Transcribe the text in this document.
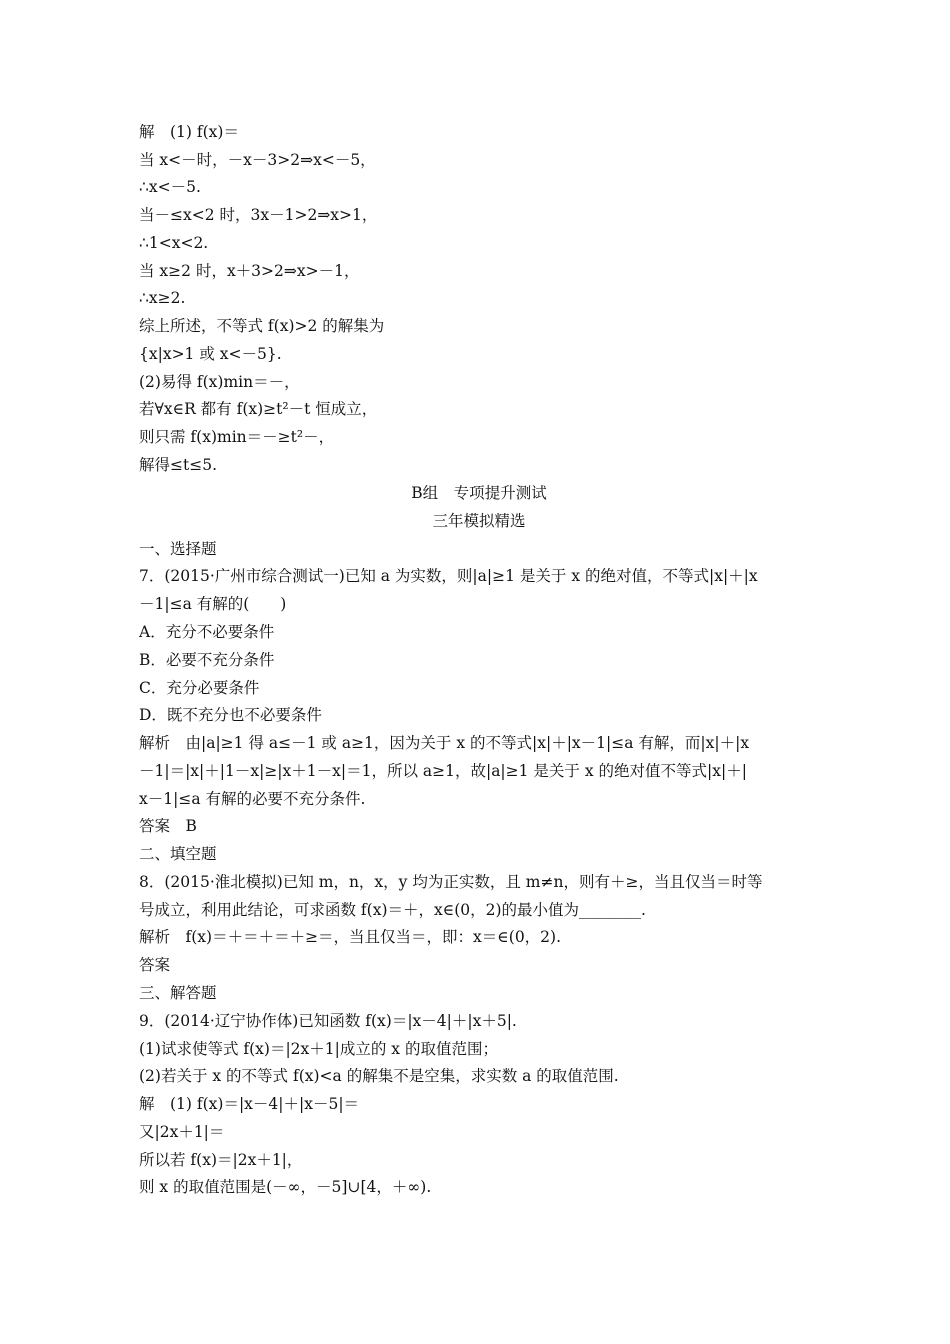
解　(1) f(x)＝
当 x<－时，－x－3>2⇒x<－5，
∴x<－5.
当－≤x<2 时，3x－1>2⇒x>1，
∴1<x<2.
当 x≥2 时，x＋3>2⇒x>－1，
∴x≥2.
综上所述，不等式 f(x)>2 的解集为
{x|x>1 或 x<－5}.
(2)易得 f(x)min＝－，
若∀x∈R 都有 f(x)≥t²－t 恒成立，
则只需 f(x)min＝－≥t²－，
解得≤t≤5.
B组　专项提升测试
三年模拟精选
一、选择题
7．(2015·广州市综合测试一)已知 a 为实数，则|a|≥1 是关于 x 的绝对值，不等式|x|＋|x
－1|≤a 有解的(　　)
A．充分不必要条件
B．必要不充分条件
C．充分必要条件
D．既不充分也不必要条件
解析　由|a|≥1 得 a≤－1 或 a≥1，因为关于 x 的不等式|x|＋|x－1|≤a 有解，而|x|＋|x
－1|＝|x|＋|1－x|≥|x＋1－x|＝1，所以 a≥1，故|a|≥1 是关于 x 的绝对值不等式|x|＋|
x－1|≤a 有解的必要不充分条件.
答案　B
二、填空题
8．(2015·淮北模拟)已知 m，n，x，y 均为正实数，且 m≠n，则有＋≥，当且仅当＝时等
号成立，利用此结论，可求函数 f(x)＝＋，x∈(0，2)的最小值为________.
解析　f(x)＝＋＝＋＝＋≥＝，当且仅当＝，即：x＝∈(0，2).
答案
三、解答题
9．(2014·辽宁协作体)已知函数 f(x)＝|x－4|＋|x＋5|.
(1)试求使等式 f(x)＝|2x＋1|成立的 x 的取值范围；
(2)若关于 x 的不等式 f(x)<a 的解集不是空集，求实数 a 的取值范围.
解　(1) f(x)＝|x－4|＋|x－5|＝
又|2x＋1|＝
所以若 f(x)＝|2x＋1|，
则 x 的取值范围是(－∞，－5]∪[4，＋∞).
